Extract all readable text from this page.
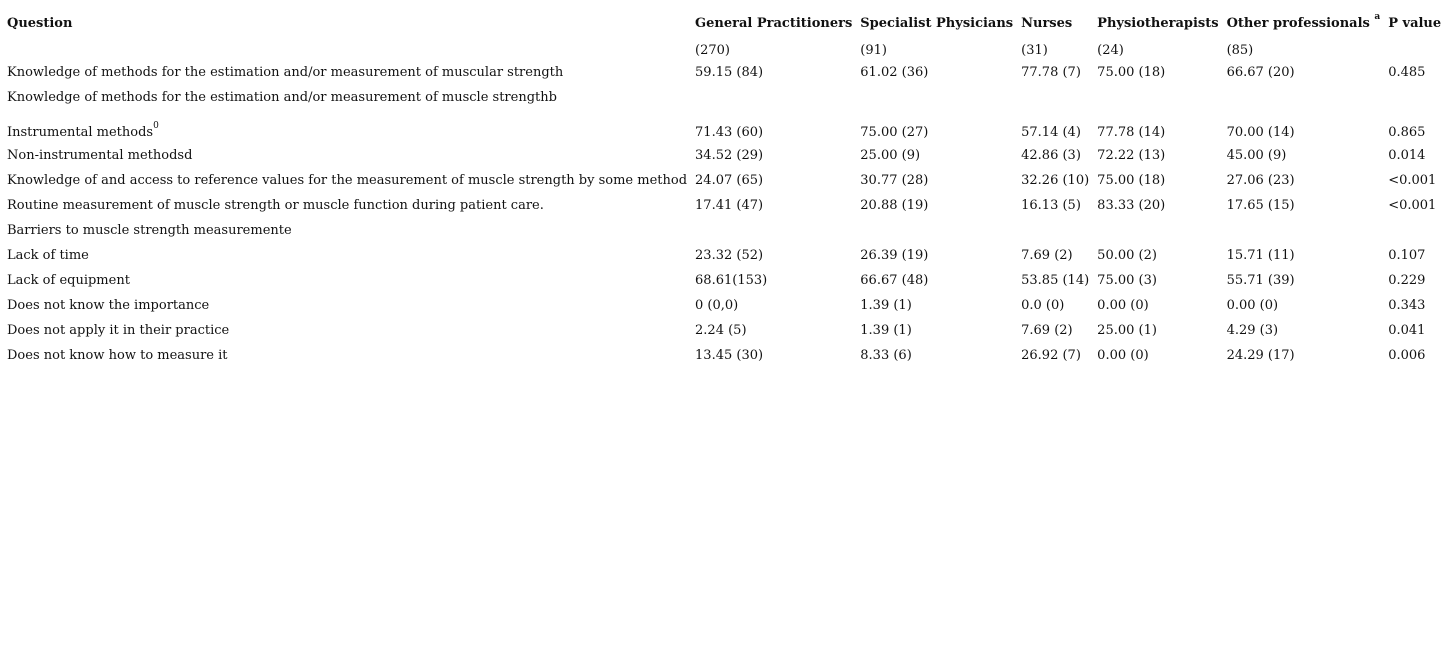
Question	General Practitioners	Specialist Physicians	Nurses	Physiotherapists	Other professionals $^a$	P value
	(270)	(91)	(31)	(24)	(85)	
Knowledge of methods for the estimation and/or measurement of muscular strength	59.15 (84)	61.02 (36)	77.78 (7)	75.00 (18)	66.67 (20)	0.485
Knowledge of methods for the estimation and/or measurement of muscle strengthb						
Instrumental methods$^0$	71.43 (60)	75.00 (27)	57.14 (4)	77.78 (14)	70.00 (14)	0.865
Non-instrumental methodsd	34.52 (29)	25.00 (9)	42.86 (3)	72.22 (13)	45.00 (9)	0.014
Knowledge of and access to reference values for the measurement of muscle strength by some method	24.07 (65)	30.77 (28)	32.26 (10)	75.00 (18)	27.06 (23)	<0.001
Routine measurement of muscle strength or muscle function during patient care.	17.41 (47)	20.88 (19)	16.13 (5)	83.33 (20)	17.65 (15)	<0.001
Barriers to muscle strength measuremente						
Lack of time	23.32 (52)	26.39 (19)	7.69 (2)	50.00 (2)	15.71 (11)	0.107
Lack of equipment	68.61(153)	66.67 (48)	53.85 (14)	75.00 (3)	55.71 (39)	0.229
Does not know the importance	0 (0,0)	1.39 (1)	0.0 (0)	0.00 (0)	0.00 (0)	0.343
Does not apply it in their practice	2.24 (5)	1.39 (1)	7.69 (2)	25.00 (1)	4.29 (3)	0.041
Does not know how to measure it	13.45 (30)	8.33 (6)	26.92 (7)	0.00 (0)	24.29 (17)	0.006
